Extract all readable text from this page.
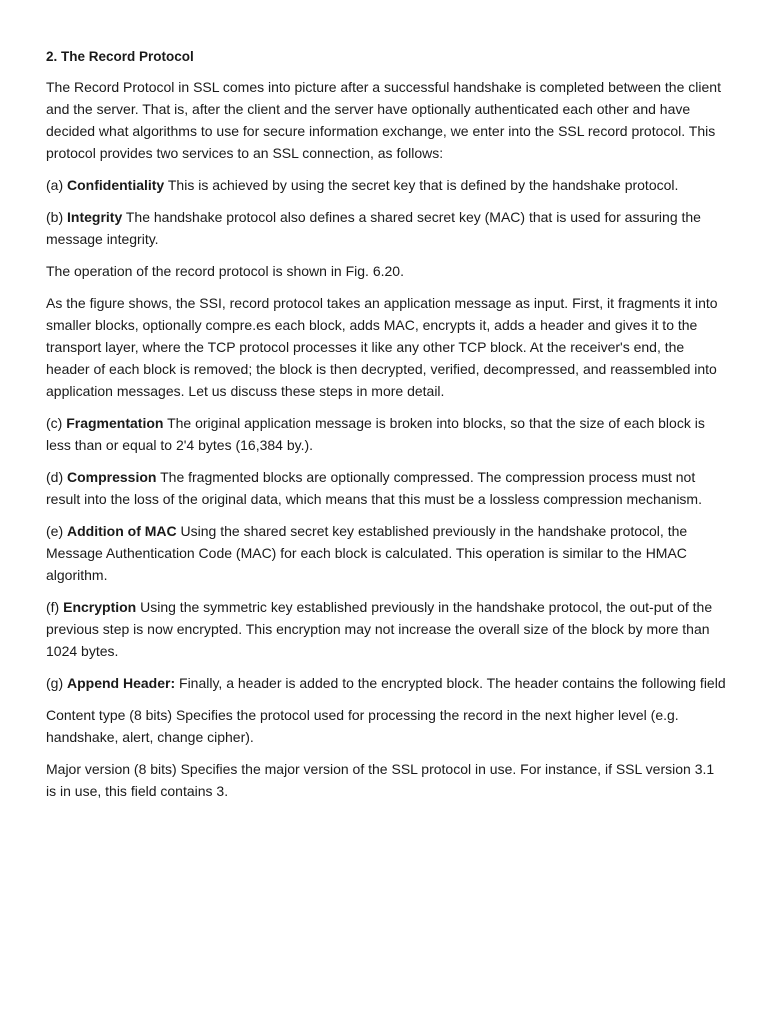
2. The Record Protocol

The Record Protocol in SSL comes into picture after a successful handshake is completed between the client and the server. That is, after the client and the server have optionally authenticated each other and have decided what algorithms to use for secure information exchange, we enter into the SSL record protocol. This protocol provides two services to an SSL connection, as follows:

(a) Confidentiality This is achieved by using the secret key that is defined by the handshake protocol.

(b) Integrity The handshake protocol also defines a shared secret key (MAC) that is used for assuring the message integrity.

The operation of the record protocol is shown in Fig. 6.20.

As the figure shows, the SSI, record protocol takes an application message as input. First, it fragments it into smaller blocks, optionally compre.es each block, adds MAC, encrypts it, adds a header and gives it to the transport layer, where the TCP protocol processes it like any other TCP block. At the receiver's end, the header of each block is removed; the block is then decrypted, verified, decompressed, and reassembled into application messages. Let us discuss these steps in more detail.

(c) Fragmentation The original application message is broken into blocks, so that the size of each block is less than or equal to 2'4 bytes (16,384 by.).

(d) Compression The fragmented blocks are optionally compressed. The compression process must not result into the loss of the original data, which means that this must be a lossless compression mechanism.

(e) Addition of MAC Using the shared secret key established previously in the handshake protocol, the Message Authentication Code (MAC) for each block is calculated. This operation is similar to the HMAC algorithm.

(f) Encryption Using the symmetric key established previously in the handshake protocol, the out-put of the previous step is now encrypted. This encryption may not increase the overall size of the block by more than 1024 bytes.

(g) Append Header: Finally, a header is added to the encrypted block. The header contains the following field

Content type (8 bits) Specifies the protocol used for processing the record in the next higher level (e.g. handshake, alert, change cipher).

Major version (8 bits) Specifies the major version of the SSL protocol in use. For instance, if SSL version 3.1 is in use, this field contains 3.
